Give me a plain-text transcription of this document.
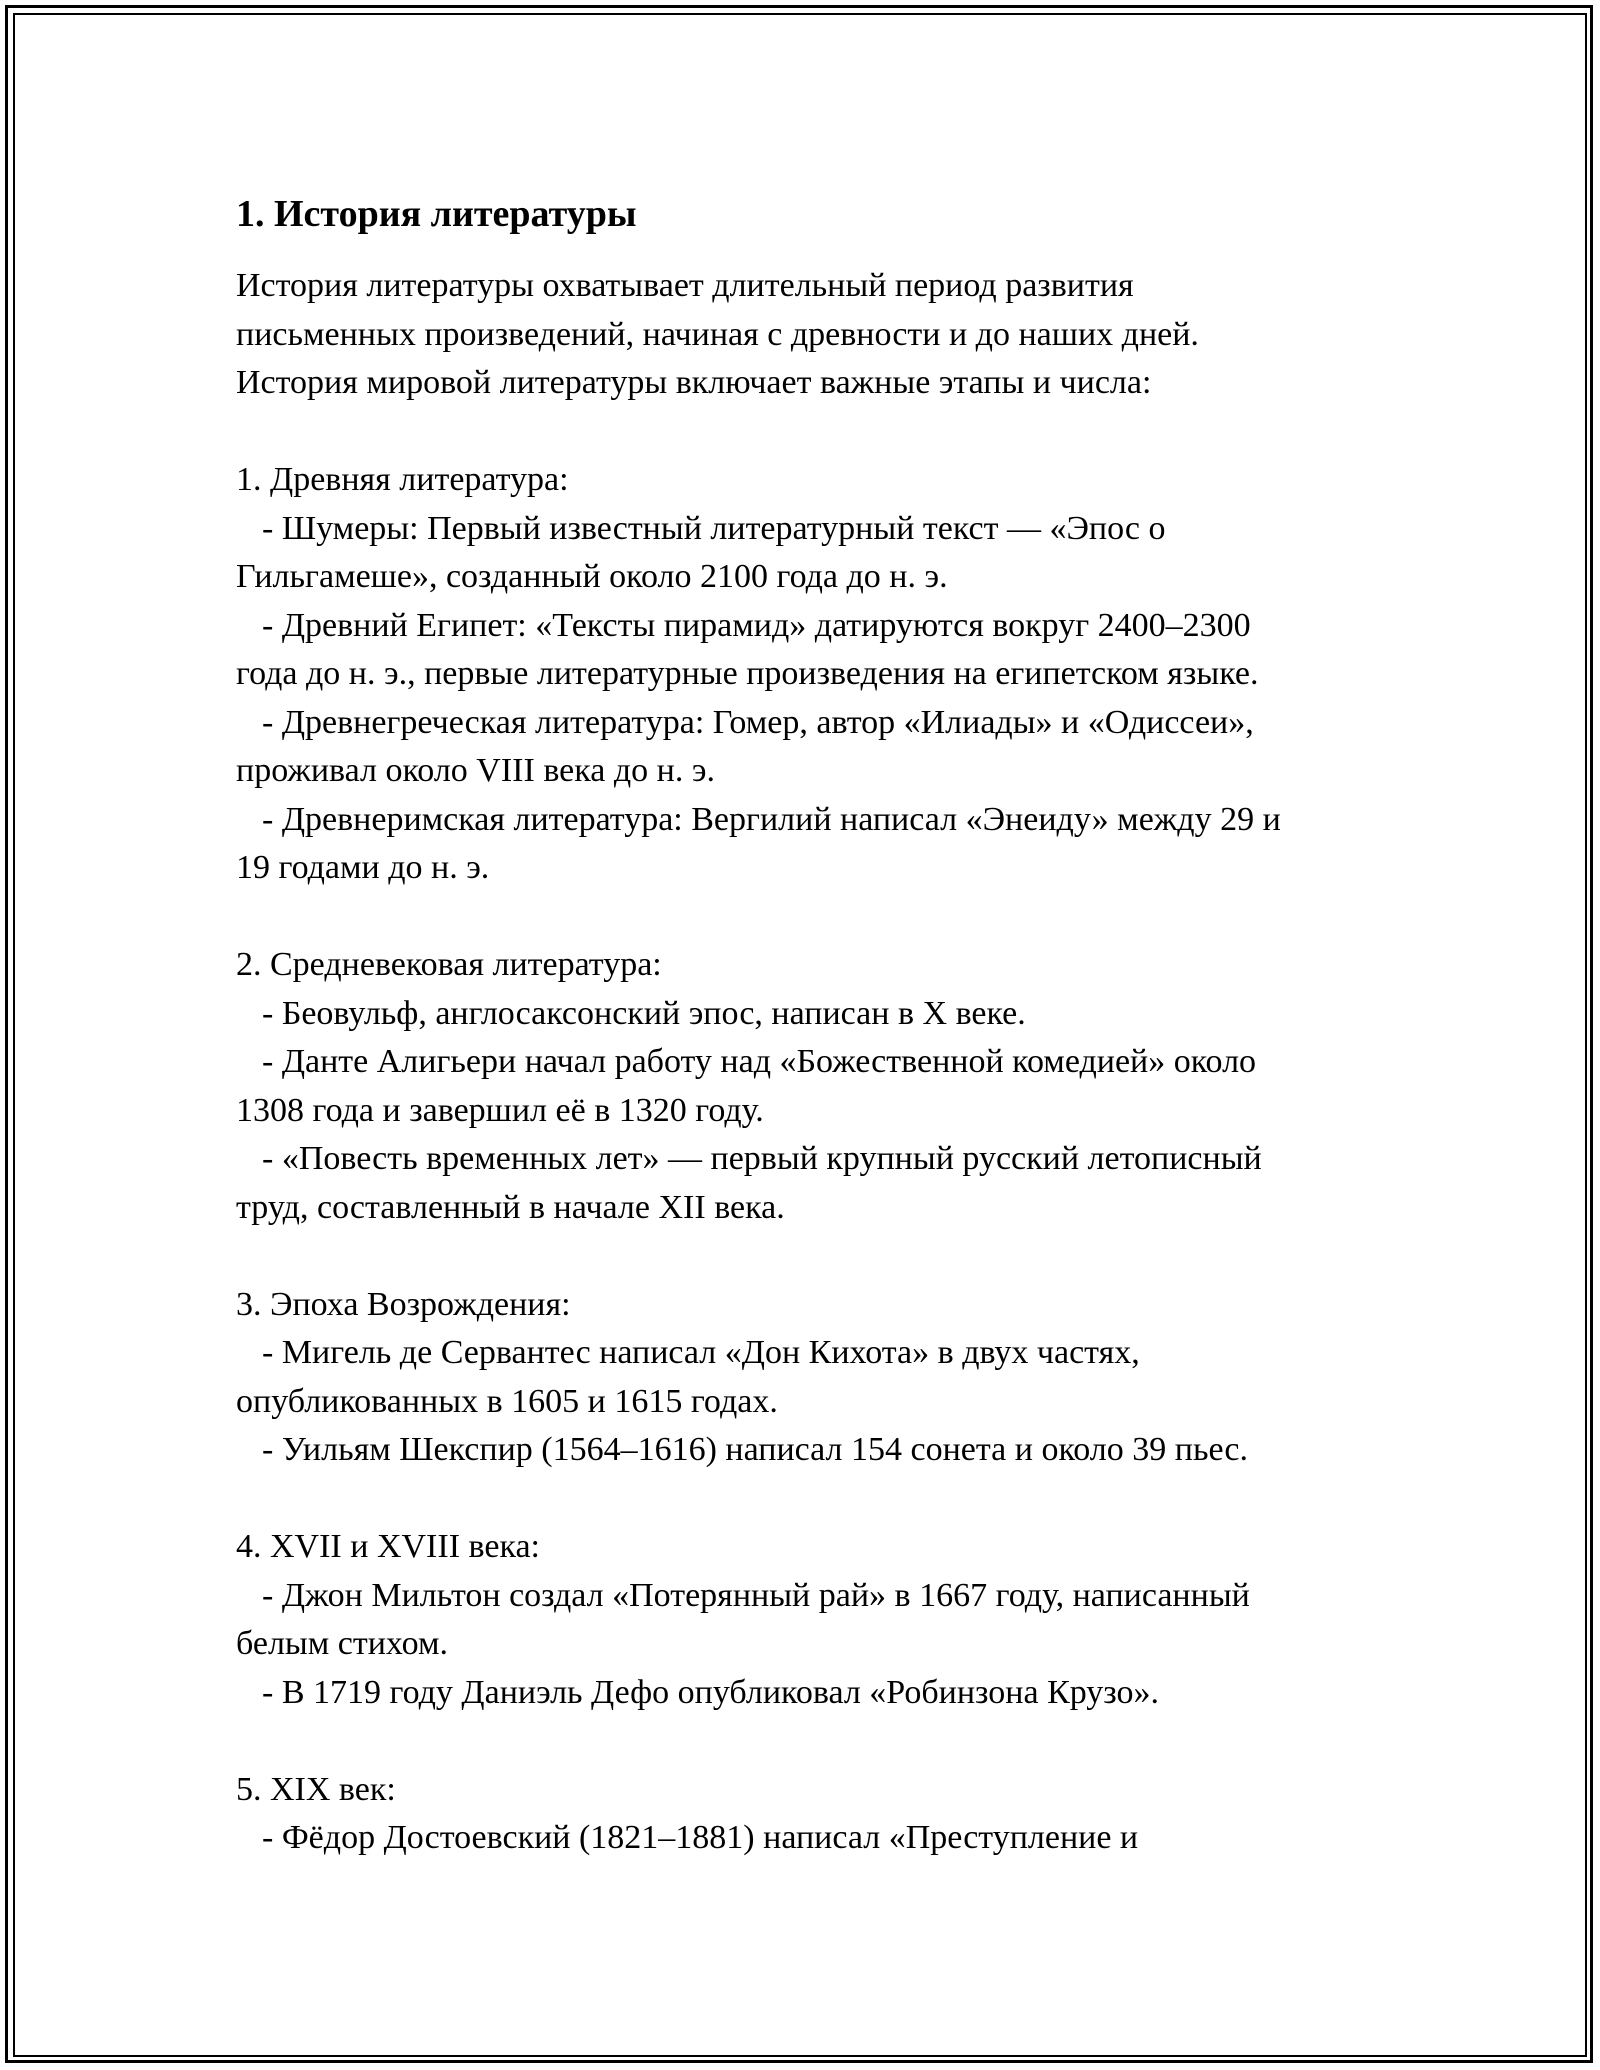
1. История литературы
История литературы охватывает длительный период развития
письменных произведений, начиная с древности и до наших дней.
История мировой литературы включает важные этапы и числа:
1. Древняя литература:
- Шумеры: Первый известный литературный текст — «Эпос о
Гильгамеше», созданный около 2100 года до н. э.
- Древний Египет: «Тексты пирамид» датируются вокруг 2400–2300
года до н. э., первые литературные произведения на египетском языке.
- Древнегреческая литература: Гомер, автор «Илиады» и «Одиссеи»,
проживал около VIII века до н. э.
- Древнеримская литература: Вергилий написал «Энеиду» между 29 и
19 годами до н. э.
2. Средневековая литература:
- Беовульф, англосаксонский эпос, написан в X веке.
- Данте Алигьери начал работу над «Божественной комедией» около
1308 года и завершил её в 1320 году.
- «Повесть временных лет» — первый крупный русский летописный
труд, составленный в начале XII века.
3. Эпоха Возрождения:
- Мигель де Сервантес написал «Дон Кихота» в двух частях,
опубликованных в 1605 и 1615 годах.
- Уильям Шекспир (1564–1616) написал 154 сонета и около 39 пьес.
4. XVII и XVIII века:
- Джон Мильтон создал «Потерянный рай» в 1667 году, написанный
белым стихом.
- В 1719 году Даниэль Дефо опубликовал «Робинзона Крузо».
5. XIX век:
- Фёдор Достоевский (1821–1881) написал «Преступление и
